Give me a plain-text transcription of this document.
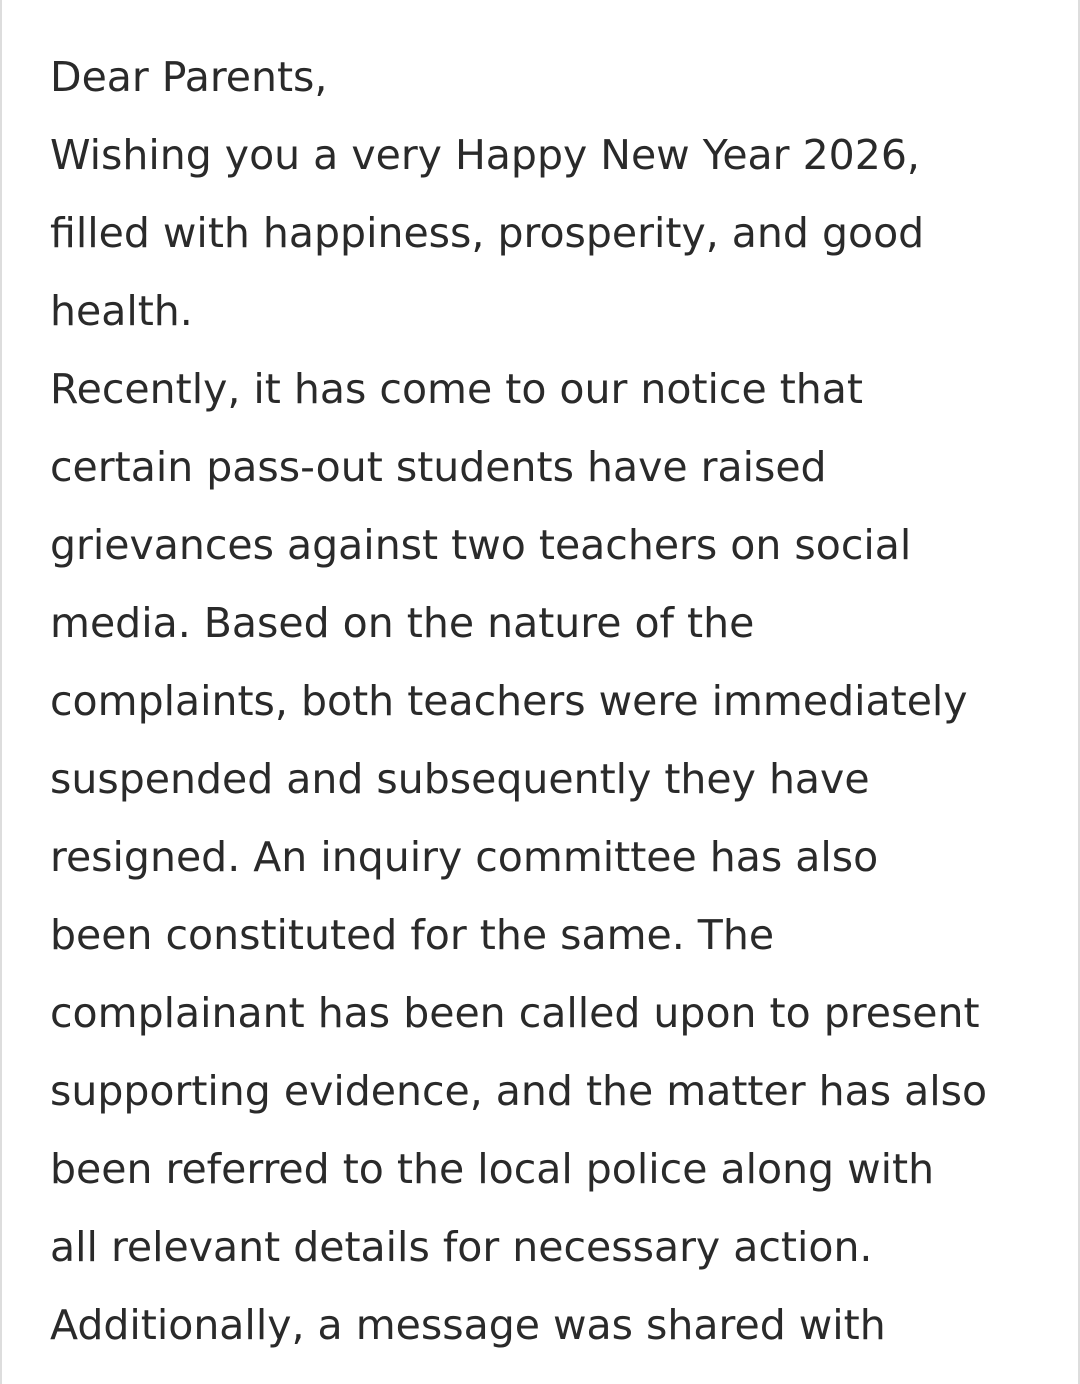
Dear Parents,
Wishing you a very Happy New Year 2026,
filled with happiness, prosperity, and good
health.
Recently, it has come to our notice that
certain pass-out students have raised
grievances against two teachers on social
media. Based on the nature of the
complaints, both teachers were immediately
suspended and subsequently they have
resigned. An inquiry committee has also
been constituted for the same. The
complainant has been called upon to present
supporting evidence, and the matter has also
been referred to the local police along with
all relevant details for necessary action.
Additionally, a message was shared with
